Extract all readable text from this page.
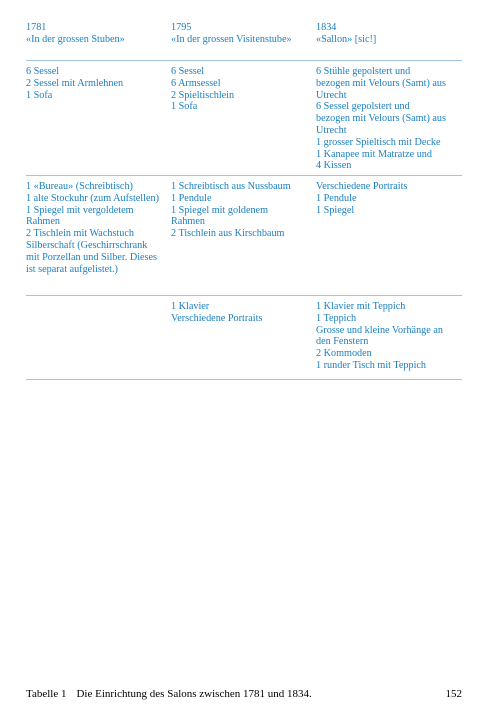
1781
«In der grossen Stuben»
1795
«In der grossen Visitenstube»
1834
«Sallon» [sic!]
6 Sessel
2 Sessel mit Armlehnen
1 Sofa
6 Sessel
6 Armsessel
2 Spieltischlein
1 Sofa
6 Stühle gepolstert und
bezogen mit Velours (Samt) aus
Utrecht
6 Sessel gepolstert und
bezogen mit Velours (Samt) aus
Utrecht
1 grosser Spieltisch mit Decke
1 Kanapee mit Matratze und
4 Kissen
1 «Bureau» (Schreibtisch)
1 alte Stockuhr (zum Aufstellen)
1 Spiegel mit vergoldetem
Rahmen
2 Tischlein mit Wachstuch
Silberschaft (Geschirrschrank
mit Porzellan und Silber. Dieses
ist separat aufgelistet.)
1 Schreibtisch aus Nussbaum
1 Pendule
1 Spiegel mit goldenem
Rahmen
2 Tischlein aus Kirschbaum
Verschiedene Portraits
1 Pendule
1 Spiegel
1 Klavier
Verschiedene Portraits
1 Klavier mit Teppich
1 Teppich
Grosse und kleine Vorhänge an
den Fenstern
2 Kommoden
1 runder Tisch mit Teppich
Tabelle 1 Die Einrichtung des Salons zwischen 1781 und 1834.	152
